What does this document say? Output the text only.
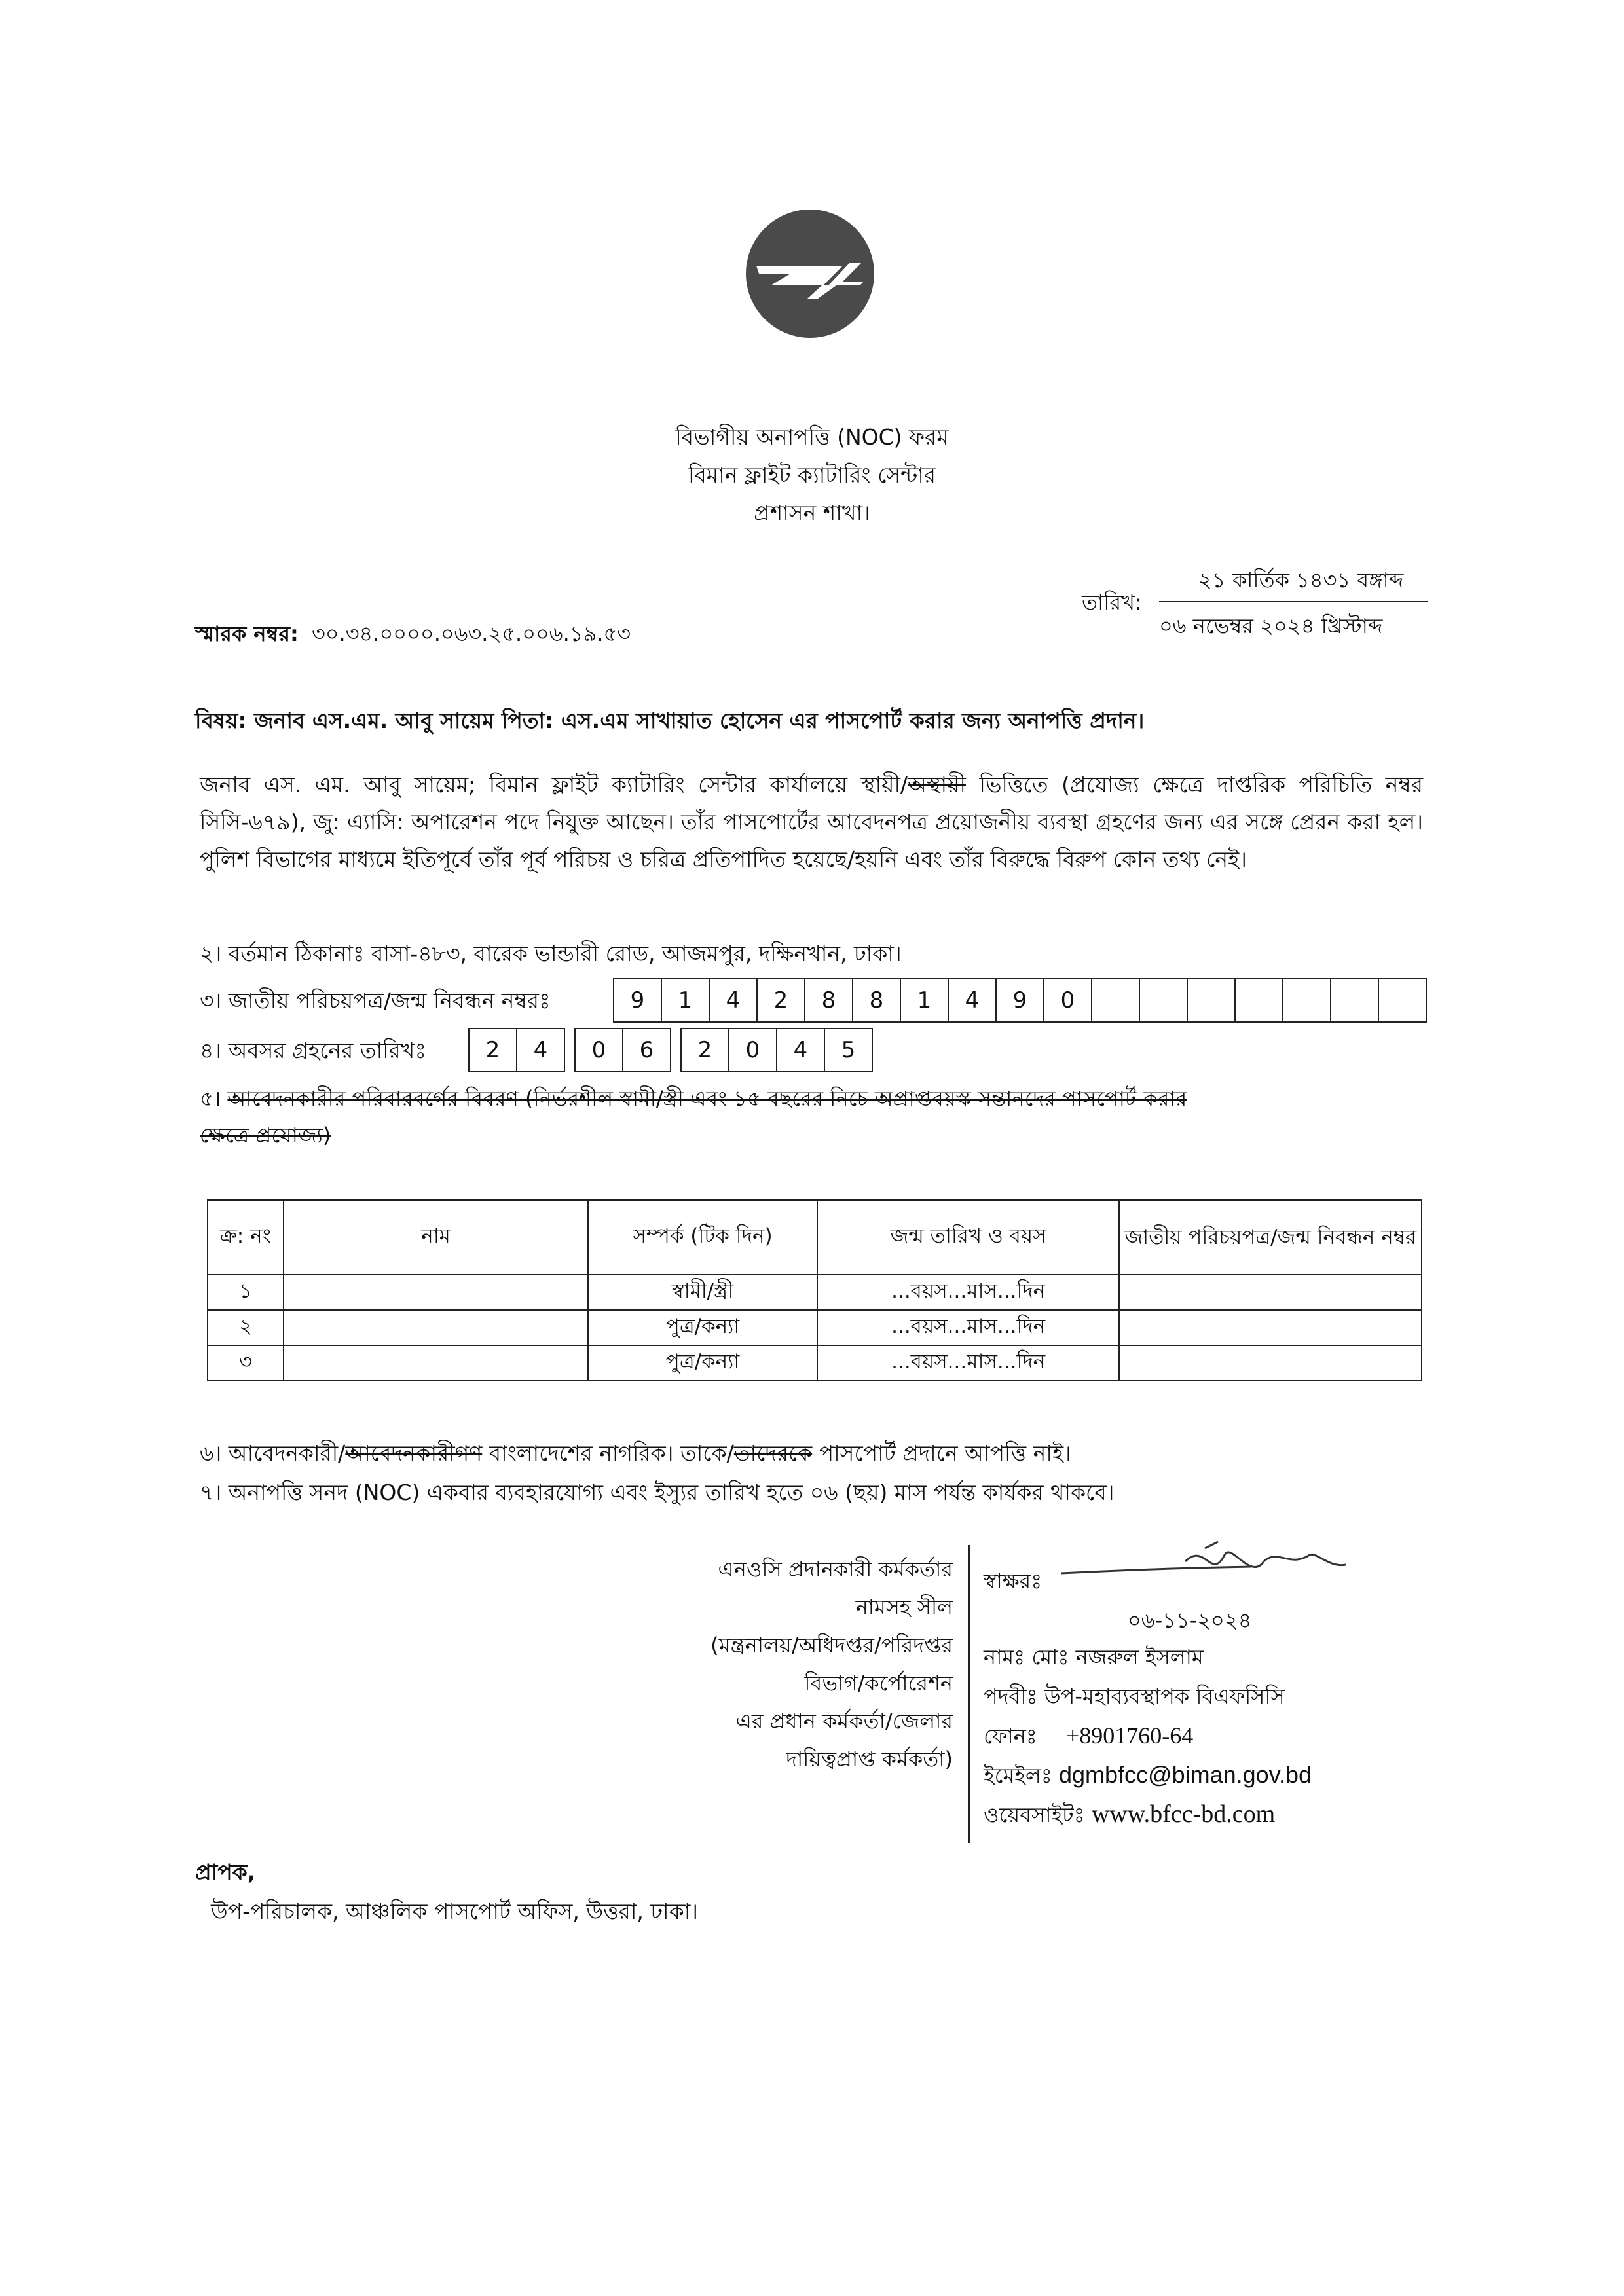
বিভাগীয় অনাপত্তি (NOC) ফরম
বিমান ফ্লাইট ক্যাটারিং সেন্টার
প্রশাসন শাখা।
স্মারক নম্বর: ৩০.৩৪.০০০০.০৬৩.২৫.০০৬.১৯.৫৩
তারিখ:
২১ কার্তিক ১৪৩১ বঙ্গাব্দ
০৬ নভেম্বর ২০২৪ খ্রিস্টাব্দ
বিষয়: জনাব এস.এম. আবু সায়েম পিতা: এস.এম সাখায়াত হোসেন এর পাসপোর্ট করার জন্য অনাপত্তি প্রদান।
জনাব এস. এম. আবু সায়েম; বিমান ফ্লাইট ক্যাটারিং সেন্টার কার্যালয়ে স্থায়ী/অস্থায়ী ভিত্তিতে (প্রযোজ্য ক্ষেত্রে দাপ্তরিক পরিচিতি নম্বর সিসি-৬৭৯), জু: এ্যাসি: অপারেশন পদে নিযুক্ত আছেন। তাঁর পাসপোর্টের আবেদনপত্র প্রয়োজনীয় ব্যবস্থা গ্রহণের জন্য এর সঙ্গে প্রেরন করা হল। পুলিশ বিভাগের মাধ্যমে ইতিপূর্বে তাঁর পূর্ব পরিচয় ও চরিত্র প্রতিপাদিত হয়েছে/হয়নি এবং তাঁর বিরুদ্ধে বিরুপ কোন তথ্য নেই।
২। বর্তমান ঠিকানাঃ বাসা-৪৮৩, বারেক ভান্ডারী রোড, আজমপুর, দক্ষিনখান, ঢাকা।
৩। জাতীয় পরিচয়পত্র/জন্ম নিবন্ধন নম্বরঃ	9	1	4	2	8	8	1	4	9	0
৪। অবসর গ্রহনের তারিখঃ	2	4	0	6	2	0	4	5
৫। আবেদনকারীর পরিবারবর্গের বিবরণ (নির্ভরশীল স্বামী/স্ত্রী এবং ১৫ বছরের নিচে অপ্রাপ্তবয়স্ক সন্তানদের পাসপোর্ট করার
ক্ষেত্রে প্রযোজ্য)
ক্র: নং	নাম	সম্পর্ক (টিক দিন)	জন্ম তারিখ ও বয়স	জাতীয় পরিচয়পত্র/জন্ম নিবন্ধন নম্বর
১		স্বামী/স্ত্রী	...বয়স...মাস...দিন	
২		পুত্র/কন্যা	...বয়স...মাস...দিন	
৩		পুত্র/কন্যা	...বয়স...মাস...দিন	
৬। আবেদনকারী/আবেদনকারীগণ বাংলাদেশের নাগরিক। তাকে/তাদেরকে পাসপোর্ট প্রদানে আপত্তি নাই।
৭। অনাপত্তি সনদ (NOC) একবার ব্যবহারযোগ্য এবং ইস্যুর তারিখ হতে ০৬ (ছয়) মাস পর্যন্ত কার্যকর থাকবে।
এনওসি প্রদানকারী কর্মকর্তার
নামসহ সীল
(মন্ত্রনালয়/অধিদপ্তর/পরিদপ্তর
বিভাগ/কর্পোরেশন
এর প্রধান কর্মকর্তা/জেলার
দায়িত্বপ্রাপ্ত কর্মকর্তা)
স্বাক্ষরঃ
০৬-১১-২০২৪
নামঃ মোঃ নজরুল ইসলাম
পদবীঃ উপ-মহাব্যবস্থাপক বিএফসিসি
ফোনঃ +8901760-64
ইমেইলঃ dgmbfcc@biman.gov.bd
ওয়েবসাইটঃ www.bfcc-bd.com
প্রাপক,
উপ-পরিচালক, আঞ্চলিক পাসপোর্ট অফিস, উত্তরা, ঢাকা।
